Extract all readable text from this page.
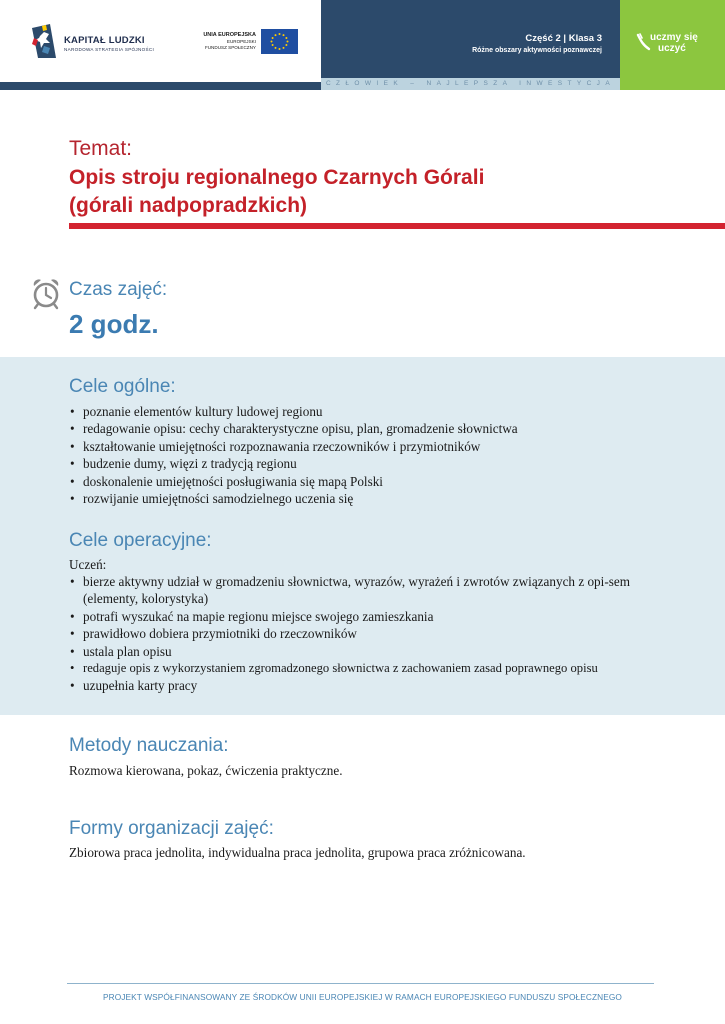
CZŁOWIEK – NAJLEPSZA INWESTYCJA
KAPITAŁ LUDZKI
NARODOWA STRATEGIA SPÓJNOŚCI
UNIA EUROPEJSKA
EUROPEJSKI
FUNDUSZ SPOŁECZNY
Część 2 | Klasa 3
Różne obszary aktywności poznawczej
uczmy się
uczyć
Temat:
Opis stroju regionalnego Czarnych Górali
(górali nadpopradzkich)
Czas zajęć:
2 godz.
Cele ogólne:
• poznanie elementów kultury ludowej regionu
• redagowanie opisu: cechy charakterystyczne opisu, plan, gromadzenie słownictwa
• kształtowanie umiejętności rozpoznawania rzeczowników i przymiotników
• budzenie dumy, więzi z tradycją regionu
• doskonalenie umiejętności posługiwania się mapą Polski
• rozwijanie umiejętności samodzielnego uczenia się
Cele operacyjne:
Uczeń:
• bierze aktywny udział w gromadzeniu słownictwa, wyrazów, wyrażeń i zwrotów związanych z opi-sem (elementy, kolorystyka)
• potrafi wyszukać na mapie regionu miejsce swojego zamieszkania
• prawidłowo dobiera przymiotniki do rzeczowników
• ustala plan opisu
• redaguje opis z wykorzystaniem zgromadzonego słownictwa z zachowaniem zasad poprawnego opisu
• uzupełnia karty pracy
Metody nauczania:
Rozmowa kierowana, pokaz, ćwiczenia praktyczne.
Formy organizacji zajęć:
Zbiorowa praca jednolita, indywidualna praca jednolita, grupowa praca zróżnicowana.
PROJEKT WSPÓŁFINANSOWANY ZE ŚRODKÓW UNII EUROPEJSKIEJ W RAMACH EUROPEJSKIEGO FUNDUSZU SPOŁECZNEGO
